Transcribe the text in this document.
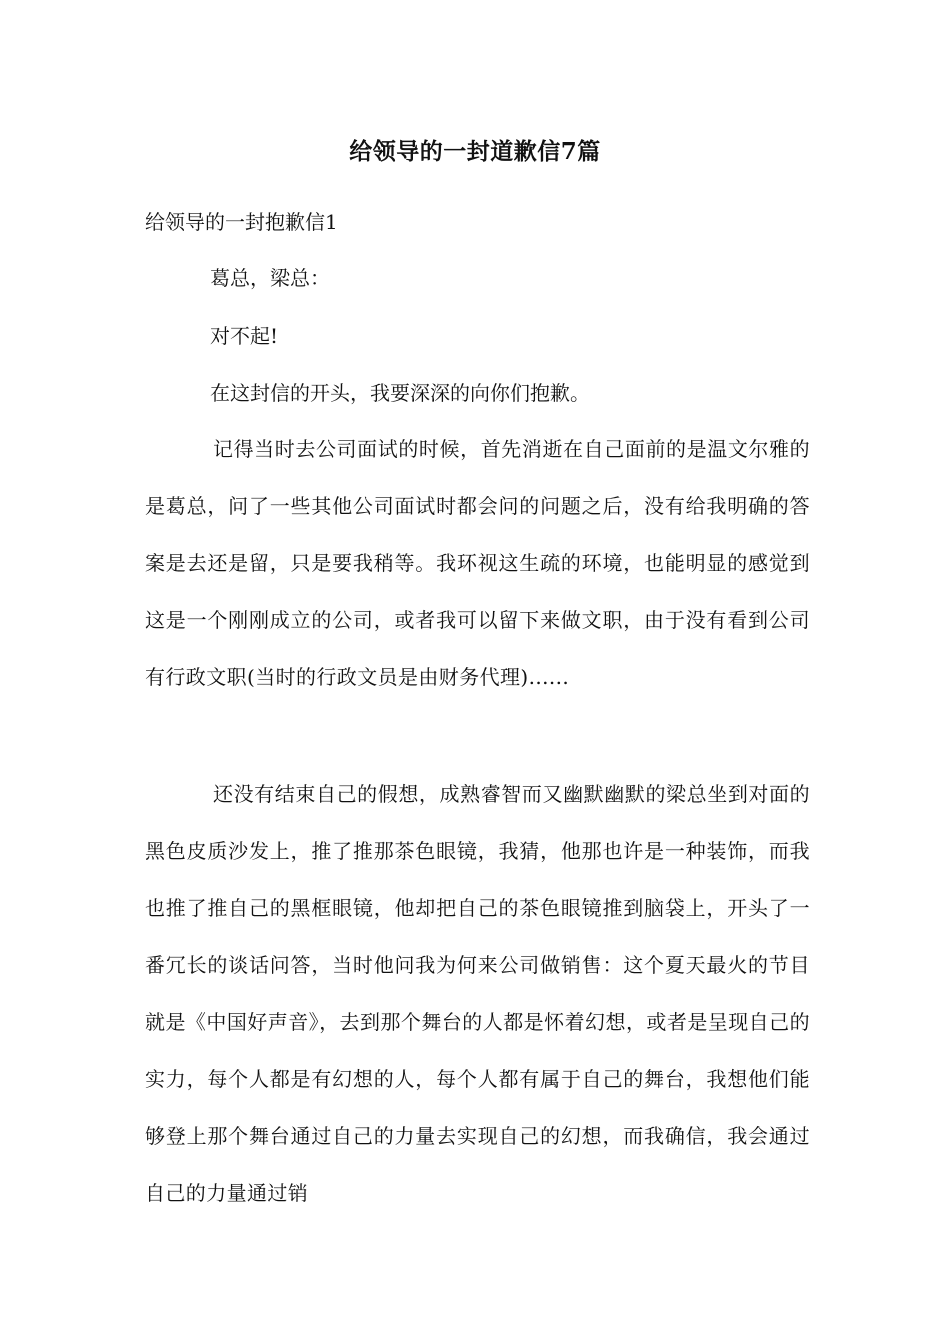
给领导的一封道歉信7篇
给领导的一封抱歉信1
葛总，梁总：
对不起!
在这封信的开头，我要深深的向你们抱歉。
记得当时去公司面试的时候，首先消逝在自己面前的是温文尔雅的是葛总，问了一些其他公司面试时都会问的问题之后，没有给我明确的答案是去还是留，只是要我稍等。我环视这生疏的环境，也能明显的感觉到这是一个刚刚成立的公司，或者我可以留下来做文职，由于没有看到公司有行政文职(当时的行政文员是由财务代理)......
还没有结束自己的假想，成熟睿智而又幽默幽默的梁总坐到对面的黑色皮质沙发上，推了推那茶色眼镜，我猜，他那也许是一种装饰，而我也推了推自己的黑框眼镜，他却把自己的茶色眼镜推到脑袋上，开头了一番冗长的谈话问答，当时他问我为何来公司做销售：这个夏天最火的节目就是《中国好声音》，去到那个舞台的人都是怀着幻想，或者是呈现自己的实力，每个人都是有幻想的人，每个人都有属于自己的舞台，我想他们能够登上那个舞台通过自己的力量去实现自己的幻想，而我确信，我会通过自己的力量通过销
